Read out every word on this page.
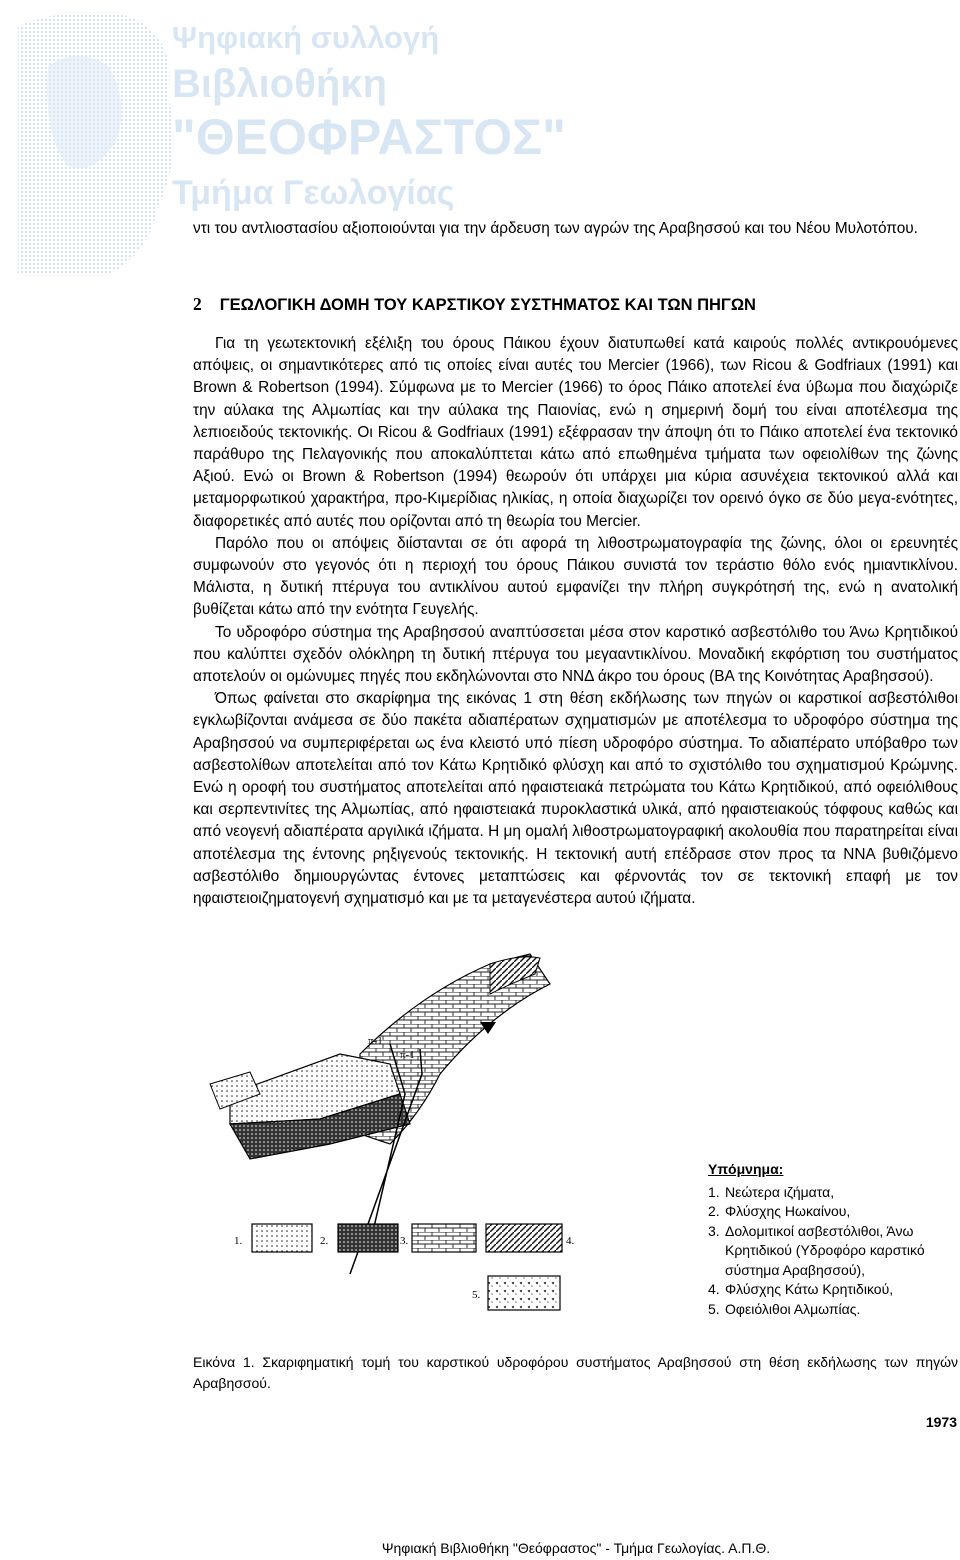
Ψηφιακή συλλογή
Βιβλιοθήκη
"ΘΕΟΦΡΑΣΤΟΣ"
Τμήμα Γεωλογίας

ντι του αντλιοστασίου αξιοποιούνται για την άρδευση των αγρών της Αραβησσού και του Νέου Μυλοτόπου.

2 ΓΕΩΛΟΓΙΚΗ ΔΟΜΗ ΤΟΥ ΚΑΡΣΤΙΚΟΥ ΣΥΣΤΗΜΑΤΟΣ ΚΑΙ ΤΩΝ ΠΗΓΩΝ

Για τη γεωτεκτονική εξέλιξη του όρους Πάικου έχουν διατυπωθεί κατά καιρούς πολλές αντικρουόμενες απόψεις, οι σημαντικότερες από τις οποίες είναι αυτές του Mercier (1966), των Ricou & Godfriaux (1991) και Brown & Robertson (1994). Σύμφωνα με το Mercier (1966) το όρος Πάικο αποτελεί ένα ύβωμα που διαχώριζε την αύλακα της Αλμωπίας και την αύλακα της Παιονίας, ενώ η σημερινή δομή του είναι αποτέλεσμα της λεπιοειδούς τεκτονικής. Οι Ricou & Godfriaux (1991) εξέφρασαν την άποψη ότι το Πάικο αποτελεί ένα τεκτονικό παράθυρο της Πελαγονικής που αποκαλύπτεται κάτω από επωθημένα τμήματα των οφειολίθων της ζώνης Αξιού. Ενώ οι Brown & Robertson (1994) θεωρούν ότι υπάρχει μια κύρια ασυνέχεια τεκτονικού αλλά και μεταμορφωτικού χαρακτήρα, προ-Κιμερίδιας ηλικίας, η οποία διαχωρίζει τον ορεινό όγκο σε δύο μεγα-ενότητες, διαφορετικές από αυτές που ορίζονται από τη θεωρία του Mercier.

Παρόλο που οι απόψεις διίστανται σε ότι αφορά τη λιθοστρωματογραφία της ζώνης, όλοι οι ερευνητές συμφωνούν στο γεγονός ότι η περιοχή του όρους Πάικου συνιστά τον τεράστιο θόλο ενός ημιαντικλίνου. Μάλιστα, η δυτική πτέρυγα του αντικλίνου αυτού εμφανίζει την πλήρη συγκρότησή της, ενώ η ανατολική βυθίζεται κάτω από την ενότητα Γευγελής.

Το υδροφόρο σύστημα της Αραβησσού αναπτύσσεται μέσα στον καρστικό ασβεστόλιθο του Άνω Κρητιδικού που καλύπτει σχεδόν ολόκληρη τη δυτική πτέρυγα του μεγααντικλίνου. Μοναδική εκφόρτιση του συστήματος αποτελούν οι ομώνυμες πηγές που εκδηλώνονται στο ΝΝΔ άκρο του όρους (ΒΑ της Κοινότητας Αραβησσού).

Όπως φαίνεται στο σκαρίφημα της εικόνας 1 στη θέση εκδήλωσης των πηγών οι καρστικοί ασβεστόλιθοι εγκλωβίζονται ανάμεσα σε δύο πακέτα αδιαπέρατων σχηματισμών με αποτέλεσμα το υδροφόρο σύστημα της Αραβησσού να συμπεριφέρεται ως ένα κλειστό υπό πίεση υδροφόρο σύστημα. Το αδιαπέρατο υπόβαθρο των ασβεστολίθων αποτελείται από τον Κάτω Κρητιδικό φλύσχη και από το σχιστόλιθο του σχηματισμού Κρώμνης. Ενώ η οροφή του συστήματος αποτελείται από ηφαιστειακά πετρώματα του Κάτω Κρητιδικού, από οφειόλιθους και σερπεντινίτες της Αλμωπίας, από ηφαιστειακά πυροκλαστικά υλικά, από ηφαιστειακούς τόφφους καθώς και από νεογενή αδιαπέρατα αργιλικά ιζήματα. Η μη ομαλή λιθοστρωματογραφική ακολουθία που παρατηρείται είναι αποτέλεσμα της έντονης ρηξιγενούς τεκτονικής. Η τεκτονική αυτή επέδρασε στον προς τα ΝΝΑ βυθιζόμενο ασβεστόλιθο δημιουργώντας έντονες μεταπτώσεις και φέρνοντάς τον σε τεκτονική επαφή με τον ηφαιστειοιζηματογενή σχηματισμό και με τα μεταγενέστερα αυτού ιζήματα.

π-1
π-1
1.	2.	3.	4.
5.
Υπόμνημα:
1. Νεώτερα ιζήματα,
2. Φλύσχης Ηωκαίνου,
3. Δολομιτικοί ασβεστόλιθοι, Άνω Κρητιδικού (Υδροφόρο καρστικό σύστημα Αραβησσού),
4. Φλύσχης Κάτω Κρητιδικού,
5. Οφειόλιθοι Αλμωπίας.

Εικόνα 1. Σκαριφηματική τομή του καρστικού υδροφόρου συστήματος Αραβησσού στη θέση εκδήλωσης των πηγών Αραβησσού.

1973
Ψηφιακή Βιβλιοθήκη "Θεόφραστος" - Τμήμα Γεωλογίας. Α.Π.Θ.
